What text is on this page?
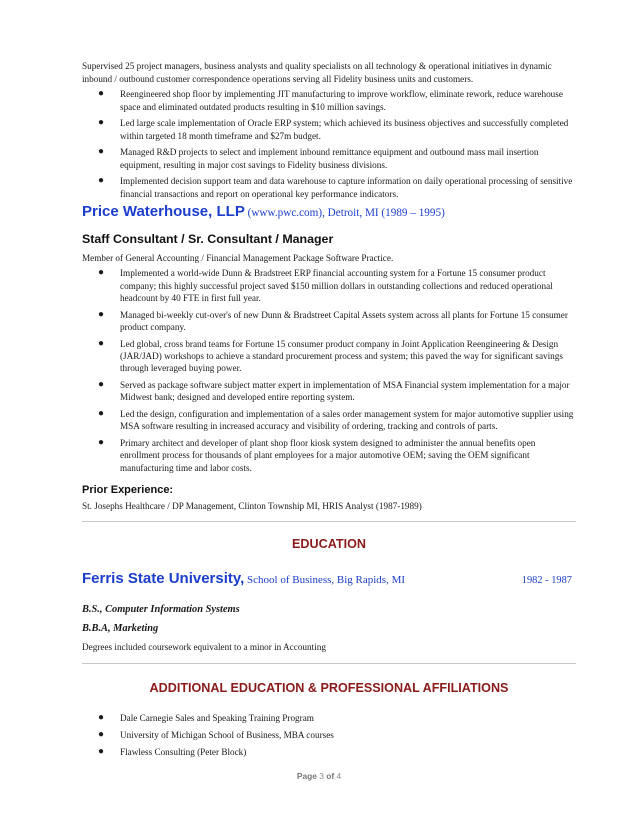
Supervised 25 project managers, business analysts and quality specialists on all technology & operational initiatives in dynamic inbound / outbound customer correspondence operations serving all Fidelity business units and customers.

● Reengineered shop floor by implementing JIT manufacturing to improve workflow, eliminate rework, reduce warehouse space and eliminated outdated products resulting in $10 million savings.
● Led large scale implementation of Oracle ERP system; which achieved its business objectives and successfully completed within targeted 18 month timeframe and $27m budget.
● Managed R&D projects to select and implement inbound remittance equipment and outbound mass mail insertion equipment, resulting in major cost savings to Fidelity business divisions.
● Implemented decision support team and data warehouse to capture information on daily operational processing of sensitive financial transactions and report on operational key performance indicators.
Price Waterhouse, LLP (www.pwc.com), Detroit, MI (1989 – 1995)
Staff Consultant / Sr. Consultant / Manager

Member of General Accounting / Financial Management Package Software Practice.

● Implemented a world-wide Dunn & Bradstreet ERP financial accounting system for a Fortune 15 consumer product company; this highly successful project saved $150 million dollars in outstanding collections and reduced operational headcount by 40 FTE in first full year.
● Managed bi-weekly cut-over's of new Dunn & Bradstreet Capital Assets system across all plants for Fortune 15 consumer product company.
● Led global, cross brand teams for Fortune 15 consumer product company in Joint Application Reengineering & Design (JAR/JAD) workshops to achieve a standard procurement process and system; this paved the way for significant savings through leveraged buying power.
● Served as package software subject matter expert in implementation of MSA Financial system implementation for a major Midwest bank; designed and developed entire reporting system.
● Led the design, configuration and implementation of a sales order management system for major automotive supplier using MSA software resulting in increased accuracy and visibility of ordering, tracking and controls of parts.
● Primary architect and developer of plant shop floor kiosk system designed to administer the annual benefits open enrollment process for thousands of plant employees for a major automotive OEM; saving the OEM significant manufacturing time and labor costs.
Prior Experience:

St. Josephs Healthcare / DP Management, Clinton Township MI, HRIS Analyst (1987-1989)

EDUCATION
Ferris State University, School of Business, Big Rapids, MI	1982 - 1987

B.S., Computer Information Systems

B.B.A, Marketing

Degrees included coursework equivalent to a minor in Accounting

ADDITIONAL EDUCATION & PROFESSIONAL AFFILIATIONS
● Dale Carnegie Sales and Speaking Training Program
● University of Michigan School of Business, MBA courses
● Flawless Consulting (Peter Block)
Page 3 of 4
